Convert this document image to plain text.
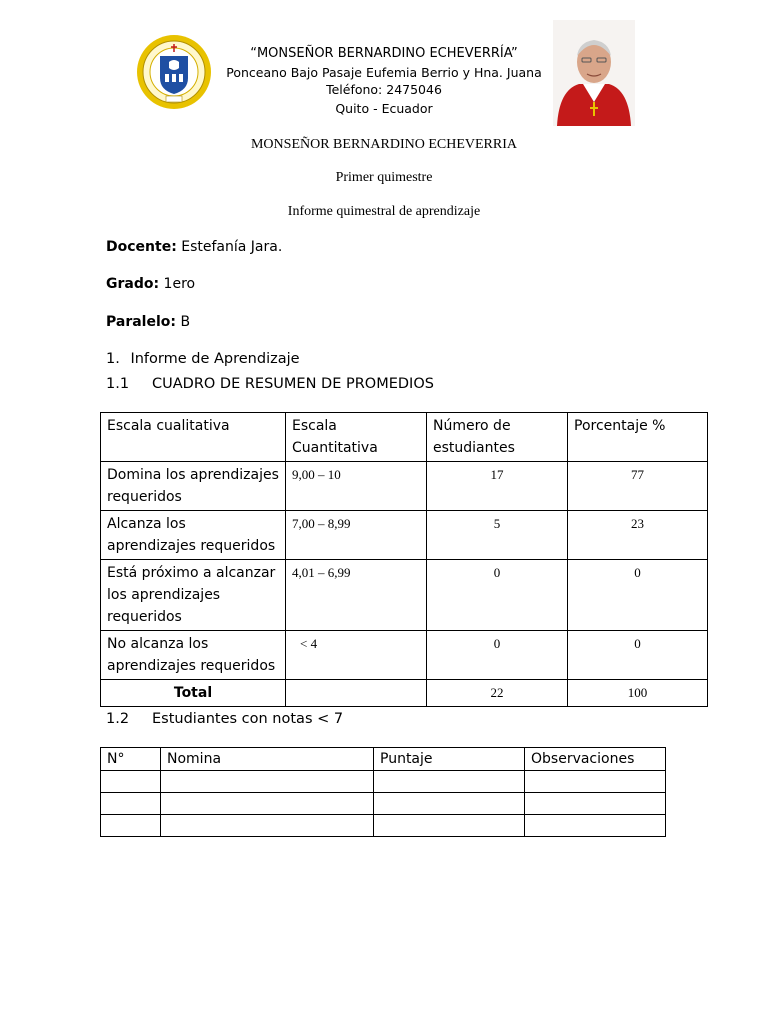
“MONSEÑOR BERNARDINO ECHEVERRÍA”
Ponceano Bajo Pasaje Eufemia Berrio y Hna. Juana
Teléfono: 2475046
Quito - Ecuador
MONSEÑOR BERNARDINO ECHEVERRIA
Primer quimestre
Informe quimestral de aprendizaje
Docente: Estefanía Jara.
Grado: 1ero
Paralelo: B
1. Informe de Aprendizaje
1.1 CUADRO DE RESUMEN DE PROMEDIOS
Escala cualitativa	Escala Cuantitativa	Número de estudiantes	Porcentaje %
Domina los aprendizajes requeridos	9,00 – 10	17	77
Alcanza los aprendizajes requeridos	7,00 – 8,99	5	23
Está próximo a alcanzar los aprendizajes requeridos	4,01 – 6,99	0	0
No alcanza los aprendizajes requeridos	< 4	0	0
Total		22	100
1.2 Estudiantes con notas < 7
N°	Nomina	Puntaje	Observaciones
